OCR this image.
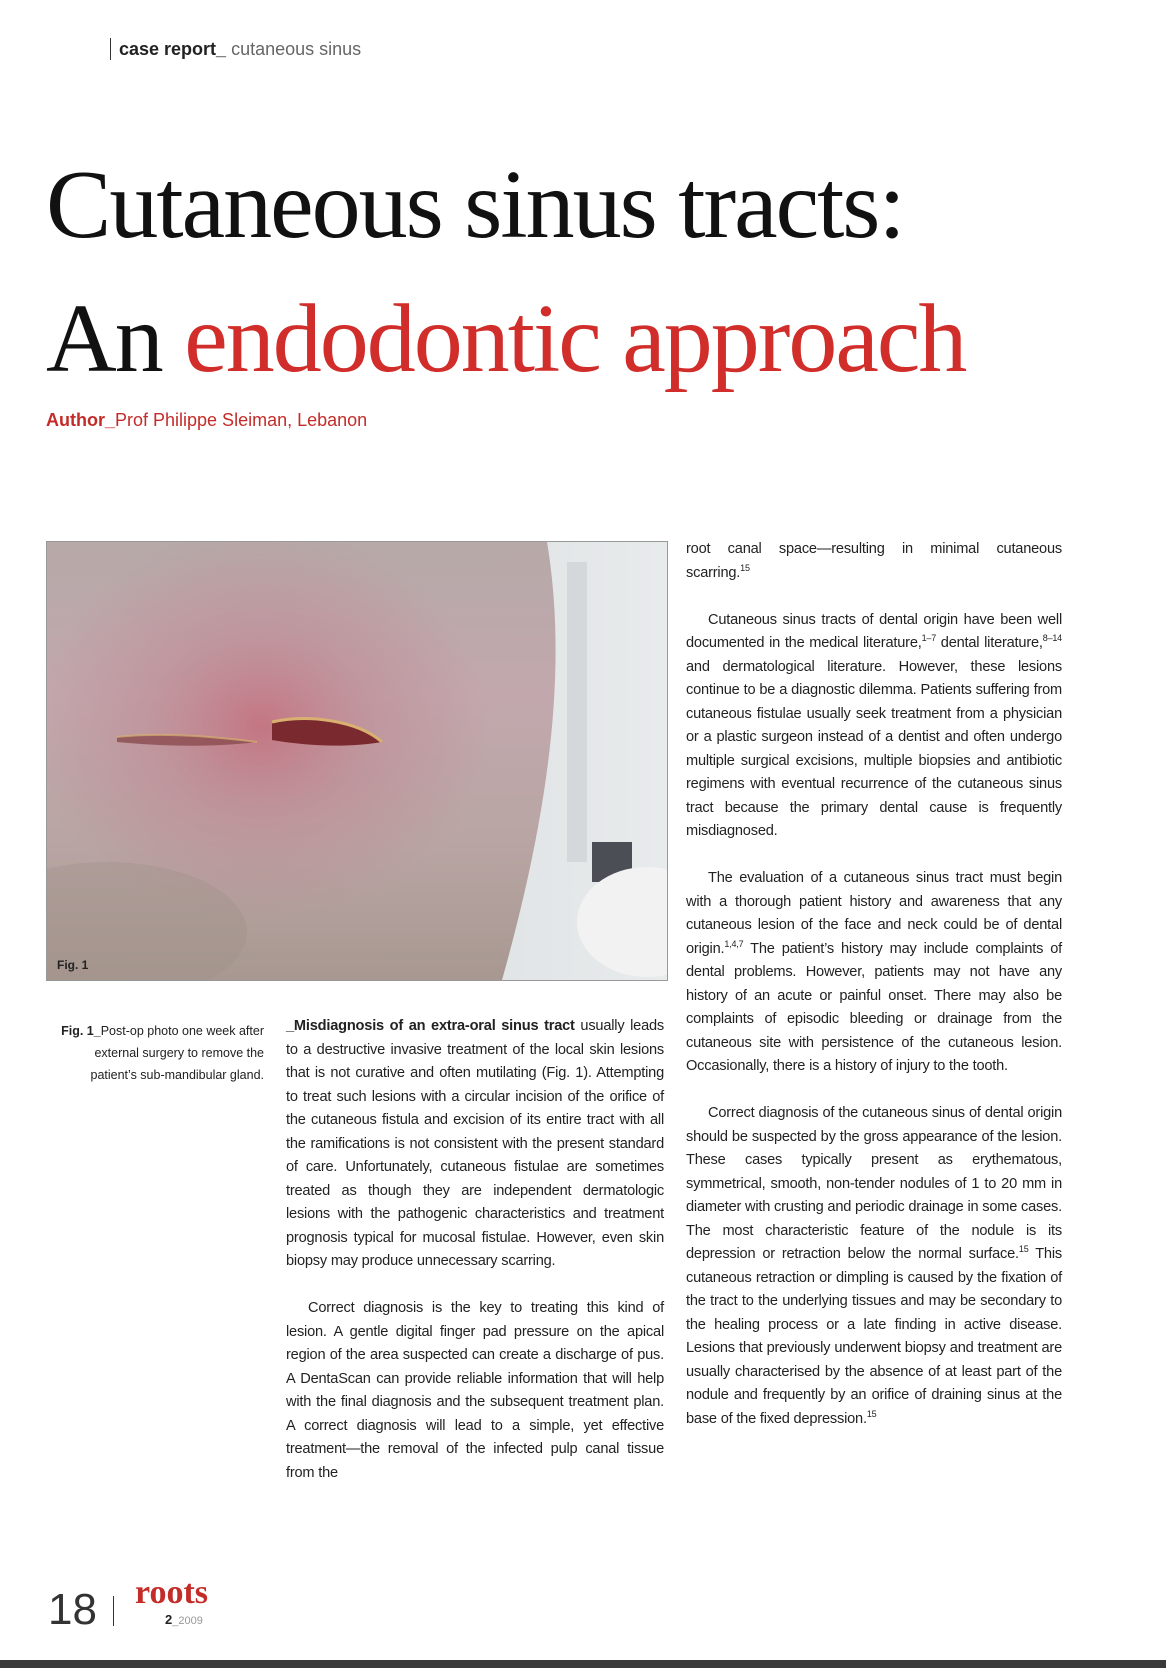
case report_ cutaneous sinus
Cutaneous sinus tracts:
An endodontic approach
Author_Prof Philippe Sleiman, Lebanon
Fig. 1
Fig. 1_Post-op photo one week after external surgery to remove the patient’s sub-mandibular gland.

_Misdiagnosis of an extra-oral sinus tract usually leads to a destructive invasive treatment of the local skin lesions that is not curative and often mutilating (Fig. 1). Attempting to treat such lesions with a circular incision of the orifice of the cutaneous fistula and excision of its entire tract with all the ramifications is not consistent with the present standard of care. Unfortunately, cutaneous fistulae are sometimes treated as though they are independent dermatologic lesions with the pathogenic characteristics and treatment prognosis typical for mucosal fistulae. However, even skin biopsy may produce unnecessary scarring.

Correct diagnosis is the key to treating this kind of lesion. A gentle digital finger pad pressure on the apical region of the area suspected can create a discharge of pus. A DentaScan can provide reliable information that will help with the final diagnosis and the subsequent treatment plan. A correct diagnosis will lead to a simple, yet effective treatment—the removal of the infected pulp canal tissue from the

root canal space—resulting in minimal cutaneous scarring.$^{15}$

Cutaneous sinus tracts of dental origin have been well documented in the medical literature,$^{1-7}$ dental literature,$^{8-14}$ and dermatological literature. However, these lesions continue to be a diagnostic dilemma. Patients suffering from cutaneous fistulae usually seek treatment from a physician or a plastic surgeon instead of a dentist and often undergo multiple surgical excisions, multiple biopsies and antibiotic regimens with eventual recurrence of the cutaneous sinus tract because the primary dental cause is frequently misdiagnosed.

The evaluation of a cutaneous sinus tract must begin with a thorough patient history and awareness that any cutaneous lesion of the face and neck could be of dental origin.$^{1,4,7}$ The patient’s history may include complaints of dental problems. However, patients may not have any history of an acute or painful onset. There may also be complaints of episodic bleeding or drainage from the cutaneous site with persistence of the cutaneous lesion. Occasionally, there is a history of injury to the tooth.

Correct diagnosis of the cutaneous sinus of dental origin should be suspected by the gross appearance of the lesion. These cases typically present as erythematous, symmetrical, smooth, non-tender nodules of 1 to 20 mm in diameter with crusting and periodic drainage in some cases. The most characteristic feature of the nodule is its depression or retraction below the normal surface.$^{15}$ This cutaneous retraction or dimpling is caused by the fixation of the tract to the underlying tissues and may be secondary to the healing process or a late finding in active disease. Lesions that previously underwent biopsy and treatment are usually characterised by the absence of at least part of the nodule and frequently by an orifice of draining sinus at the base of the fixed depression.$^{15}$

18 roots
2_2009
